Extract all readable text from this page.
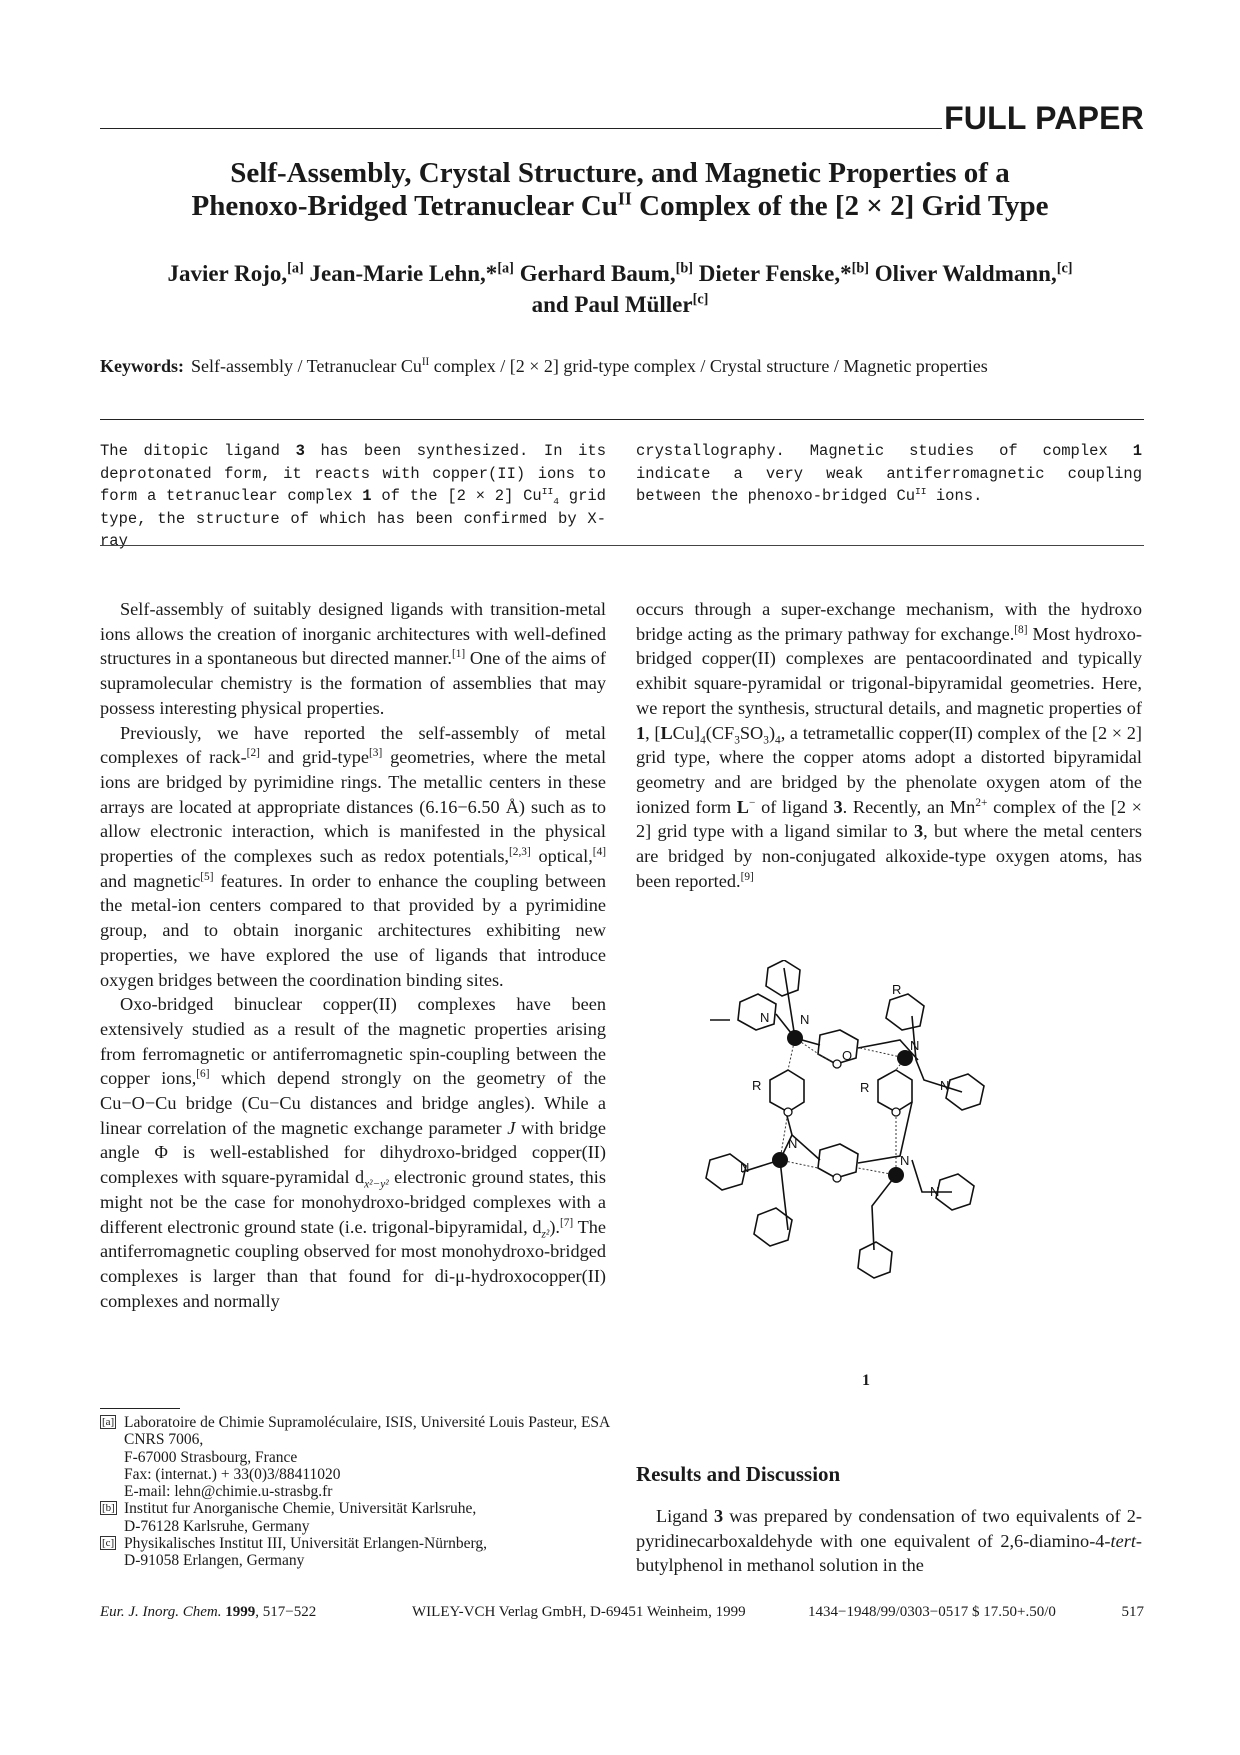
FULL PAPER
Self-Assembly, Crystal Structure, and Magnetic Properties of a
Phenoxo-Bridged Tetranuclear $Cu^{II}$ Complex of the [2 × 2] Grid Type
Javier Rojo,[a] Jean-Marie Lehn,*[a] Gerhard Baum,[b] Dieter Fenske,*[b] Oliver Waldmann,[c]
and Paul Müller[c]
Keywords: Self-assembly / Tetranuclear $Cu^{II}$ complex / [2 × 2] grid-type complex / Crystal structure / Magnetic properties
The ditopic ligand 3 has been synthesized. In its deprotonated form, it reacts with copper(II) ions to form a tetranuclear complex 1 of the [2 × 2] $Cu^{II}_4$ grid type, the structure of which has been confirmed by X-ray
crystallography. Magnetic studies of complex 1 indicate a very weak antiferromagnetic coupling between the phenoxo-bridged $Cu^{II}$ ions.

Self-assembly of suitably designed ligands with transition-metal ions allows the creation of inorganic architectures with well-defined structures in a spontaneous but directed manner.[1] One of the aims of supramolecular chemistry is the formation of assemblies that may possess interesting physical properties.

Previously, we have reported the self-assembly of metal complexes of rack-[2] and grid-type[3] geometries, where the metal ions are bridged by pyrimidine rings. The metallic centers in these arrays are located at appropriate distances (6.16−6.50 Å) such as to allow electronic interaction, which is manifested in the physical properties of the complexes such as redox potentials,[2,3] optical,[4] and magnetic[5] features. In order to enhance the coupling between the metal-ion centers compared to that provided by a pyrimidine group, and to obtain inorganic architectures exhibiting new properties, we have explored the use of ligands that introduce oxygen bridges between the coordination binding sites.

Oxo-bridged binuclear copper(II) complexes have been extensively studied as a result of the magnetic properties arising from ferromagnetic or antiferromagnetic spin-coupling between the copper ions,[6] which depend strongly on the geometry of the Cu−O−Cu bridge (Cu−Cu distances and bridge angles). While a linear correlation of the magnetic exchange parameter J with bridge angle Φ is well-established for dihydroxo-bridged copper(II) complexes with square-pyramidal $d_{x^2-y^2}$ electronic ground states, this might not be the case for monohydroxo-bridged complexes with a different electronic ground state (i.e. trigonal-bipyramidal, $d_{z^2}).[7]$ The antiferromagnetic coupling observed for most monohydroxo-bridged complexes is larger than that found for di-μ-hydroxocopper(II) complexes and normally

occurs through a super-exchange mechanism, with the hydroxo bridge acting as the primary pathway for exchange.[8] Most hydroxo-bridged copper(II) complexes are pentacoordinated and typically exhibit square-pyramidal or trigonal-bipyramidal geometries. Here, we report the synthesis, structural details, and magnetic properties of 1, $[LCu]_4(CF_3SO_3)_4$, a tetrametallic copper(II) complex of the [2 × 2] grid type, where the copper atoms adopt a distorted bipyramidal geometry and are bridged by the phenolate oxygen atom of the ionized form L− of ligand 3. Recently, an $Mn^{2+}$ complex of the [2 × 2] grid type with a ligand similar to 3, but where the metal centers are bridged by non-conjugated alkoxide-type oxygen atoms, has been reported.[9]

N N
N
N
N
N
N
N
R	R
R
O
1
[a] Laboratoire de Chimie Supramoléculaire, ISIS, Université Louis Pasteur, ESA CNRS 7006,
F-67000 Strasbourg, France
Fax: (internat.) + 33(0)3/88411020
E-mail: lehn@chimie.u-strasbg.fr
[b] Institut fur Anorganische Chemie, Universität Karlsruhe,
D-76128 Karlsruhe, Germany
[c] Physikalisches Institut III, Universität Erlangen-Nürnberg,
D-91058 Erlangen, Germany
Results and Discussion

Ligand 3 was prepared by condensation of two equivalents of 2-pyridinecarboxaldehyde with one equivalent of 2,6-diamino-4-tert-butylphenol in methanol solution in the

Eur. J. Inorg. Chem. 1999, 517−522	WILEY-VCH Verlag GmbH, D-69451 Weinheim, 1999	1434−1948/99/0303−0517 $ 17.50+.50/0	517
